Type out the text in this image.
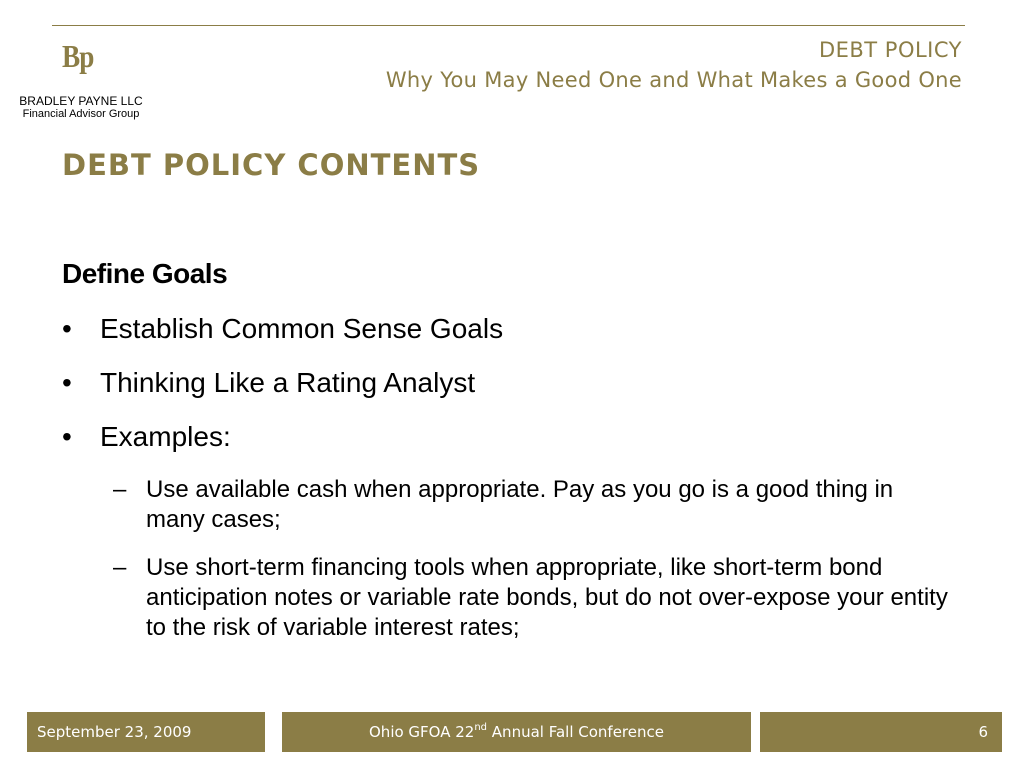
Bp
BRADLEY PAYNE LLC
Financial Advisor Group
DEBT POLICY
Why You May Need One and What Makes a Good One
DEBT POLICY CONTENTS
Define Goals
• Establish Common Sense Goals
• Thinking Like a Rating Analyst
• Examples:
– Use available cash when appropriate. Pay as you go is a good thing in many cases;
– Use short-term financing tools when appropriate, like short-term bond anticipation notes or variable rate bonds, but do not over-expose your entity to the risk of variable interest rates;
September 23, 2009	Ohio GFOA 22nd Annual Fall Conference	6
